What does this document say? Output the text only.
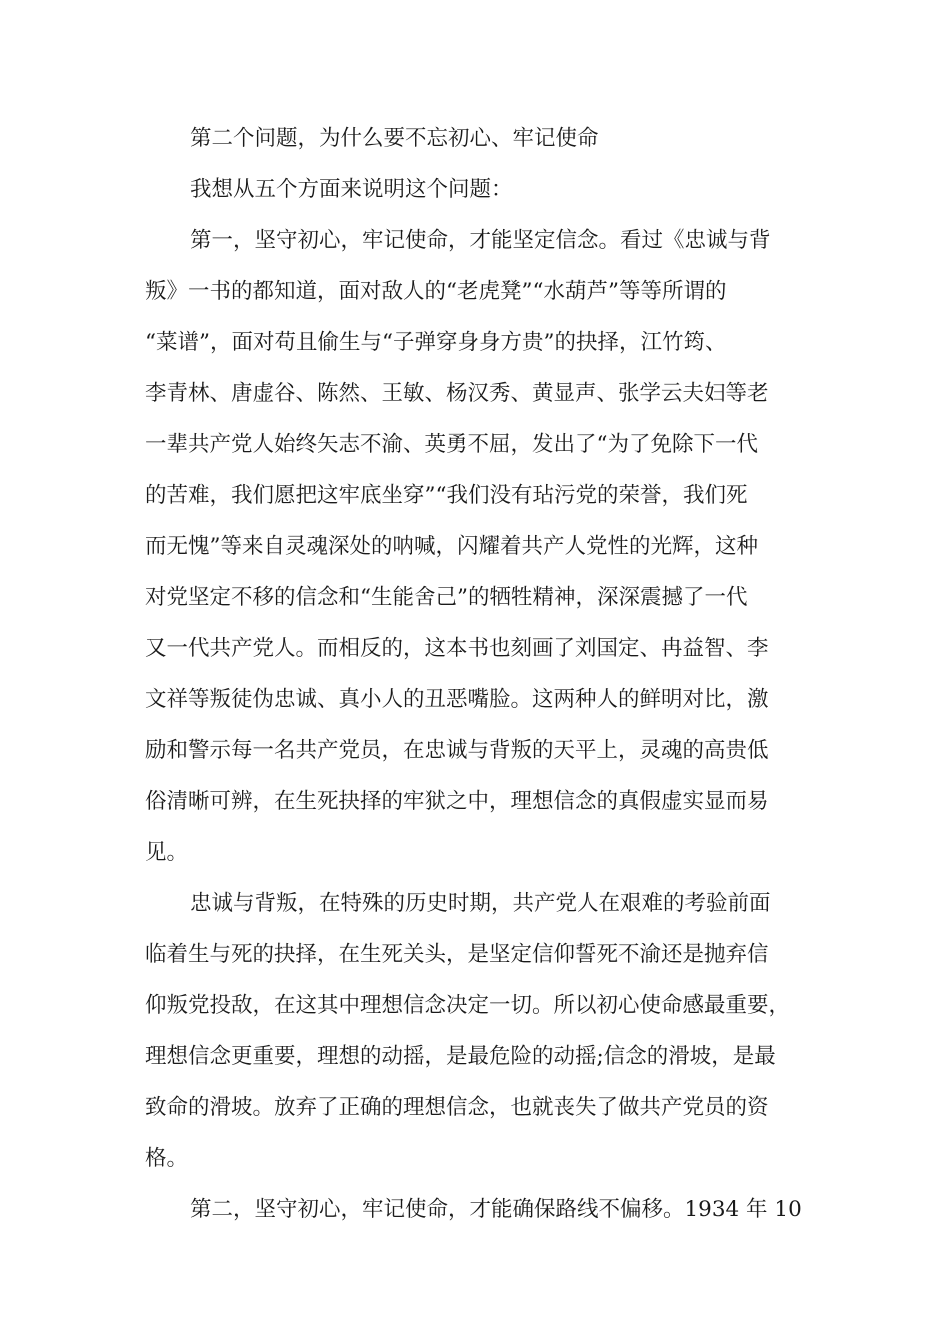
第二个问题，为什么要不忘初心、牢记使命
我想从五个方面来说明这个问题：
第一，坚守初心，牢记使命，才能坚定信念。看过《忠诚与背
叛》一书的都知道，面对敌人的“老虎凳”“水葫芦”等等所谓的
“菜谱”，面对苟且偷生与“子弹穿身身方贵”的抉择，江竹筠、
李青林、唐虚谷、陈然、王敏、杨汉秀、黄显声、张学云夫妇等老
一辈共产党人始终矢志不渝、英勇不屈，发出了“为了免除下一代
的苦难，我们愿把这牢底坐穿”“我们没有玷污党的荣誉，我们死
而无愧”等来自灵魂深处的呐喊，闪耀着共产人党性的光辉，这种
对党坚定不移的信念和“生能舍己”的牺牲精神，深深震撼了一代
又一代共产党人。而相反的，这本书也刻画了刘国定、冉益智、李
文祥等叛徒伪忠诚、真小人的丑恶嘴脸。这两种人的鲜明对比，激
励和警示每一名共产党员，在忠诚与背叛的天平上，灵魂的高贵低
俗清晰可辨，在生死抉择的牢狱之中，理想信念的真假虚实显而易
见。
忠诚与背叛，在特殊的历史时期，共产党人在艰难的考验前面
临着生与死的抉择，在生死关头，是坚定信仰誓死不渝还是抛弃信
仰叛党投敌，在这其中理想信念决定一切。所以初心使命感最重要，
理想信念更重要，理想的动摇，是最危险的动摇;信念的滑坡，是最
致命的滑坡。放弃了正确的理想信念，也就丧失了做共产党员的资
格。
第二，坚守初心，牢记使命，才能确保路线不偏移。1934 年 10
